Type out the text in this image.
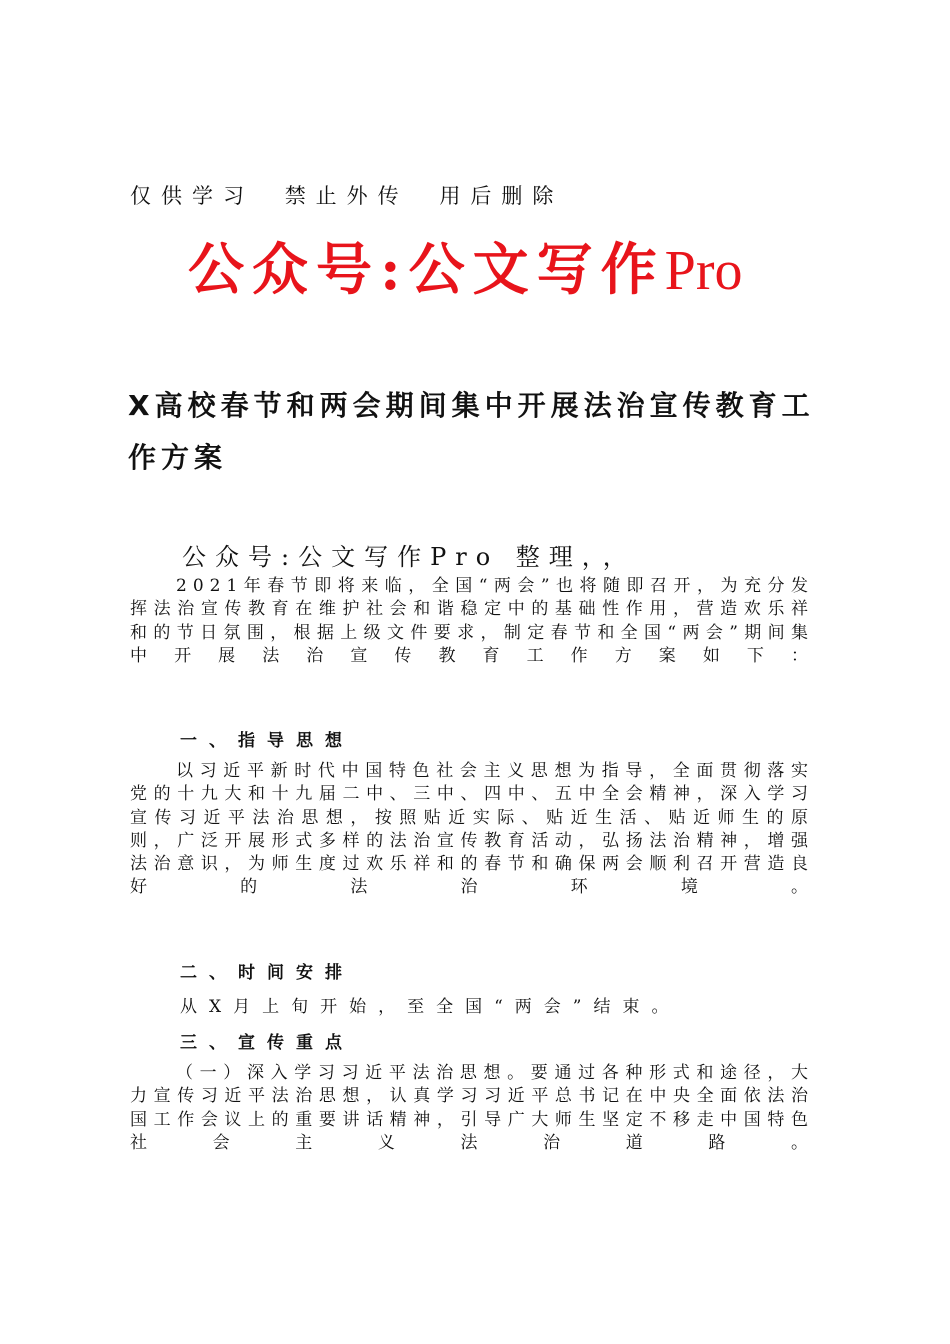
仅供学习 禁止外传 用后删除

公众号:公文写作Pro

X高校春节和两会期间集中开展法治宣传教育工作方案

公众号:公文写作Pro 整理，，

2021年春节即将来临，全国“两会”也将随即召开，为充分发挥法治宣传教育在维护社会和谐稳定中的基础性作用，营造欢乐祥和的节日氛围，根据上级文件要求，制定春节和全国“两会”期间集中开展法治宣传教育工作方案如下：

一、指导思想

以习近平新时代中国特色社会主义思想为指导，全面贯彻落实党的十九大和十九届二中、三中、四中、五中全会精神，深入学习宣传习近平法治思想，按照贴近实际、贴近生活、贴近师生的原则，广泛开展形式多样的法治宣传教育活动，弘扬法治精神，增强法治意识，为师生度过欢乐祥和的春节和确保两会顺利召开营造良好的法治环境。

二、时间安排

从X月上旬开始，至全国“两会”结束。

三、宣传重点

（一）深入学习习近平法治思想。要通过各种形式和途径，大力宣传习近平法治思想，认真学习习近平总书记在中央全面依法治国工作会议上的重要讲话精神，引导广大师生坚定不移走中国特色社会主义法治道路。
